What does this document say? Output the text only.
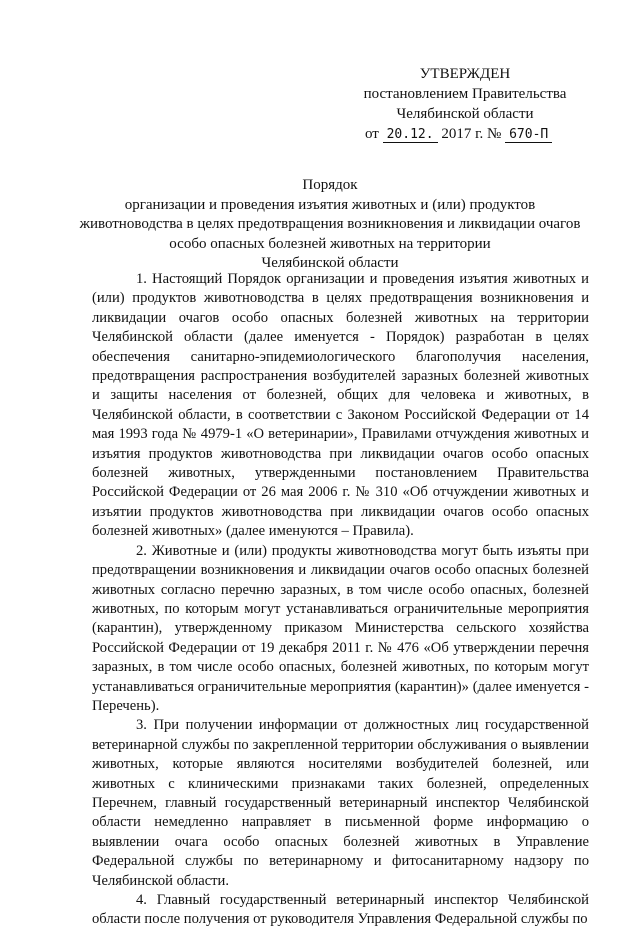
УТВЕРЖДЕН
постановлением Правительства
Челябинской области
от 20.12. 2017 г. № 670-П
Порядок
организации и проведения изъятия животных и (или) продуктов
животноводства в целях предотвращения возникновения и ликвидации очагов
особо опасных болезней животных на территории
Челябинской области

1. Настоящий Порядок организации и проведения изъятия животных и (или) продуктов животноводства в целях предотвращения возникновения и ликвидации очагов особо опасных болезней животных на территории Челябинской области (далее именуется - Порядок) разработан в целях обеспечения санитарно-эпидемиологического благополучия населения, предотвращения распространения возбудителей заразных болезней животных и защиты населения от болезней, общих для человека и животных, в Челябинской области, в соответствии с Законом Российской Федерации от 14 мая 1993 года № 4979-1 «О ветеринарии», Правилами отчуждения животных и изъятия продуктов животноводства при ликвидации очагов особо опасных болезней животных, утвержденными постановлением Правительства Российской Федерации от 26 мая 2006 г. № 310 «Об отчуждении животных и изъятии продуктов животноводства при ликвидации очагов особо опасных болезней животных» (далее именуются – Правила).

2. Животные и (или) продукты животноводства могут быть изъяты при предотвращении возникновения и ликвидации очагов особо опасных болезней животных согласно перечню заразных, в том числе особо опасных, болезней животных, по которым могут устанавливаться ограничительные мероприятия (карантин), утвержденному приказом Министерства сельского хозяйства Российской Федерации от 19 декабря 2011 г. № 476 «Об утверждении перечня заразных, в том числе особо опасных, болезней животных, по которым могут устанавливаться ограничительные мероприятия (карантин)» (далее именуется - Перечень).

3. При получении информации от должностных лиц государственной ветеринарной службы по закрепленной территории обслуживания о выявлении животных, которые являются носителями возбудителей болезней, или животных с клиническими признаками таких болезней, определенных Перечнем, главный государственный ветеринарный инспектор Челябинской области немедленно направляет в письменной форме информацию о выявлении очага особо опасных болезней животных в Управление Федеральной службы по ветеринарному и фитосанитарному надзору по Челябинской области.

4. Главный государственный ветеринарный инспектор Челябинской области после получения от руководителя Управления Федеральной службы по
